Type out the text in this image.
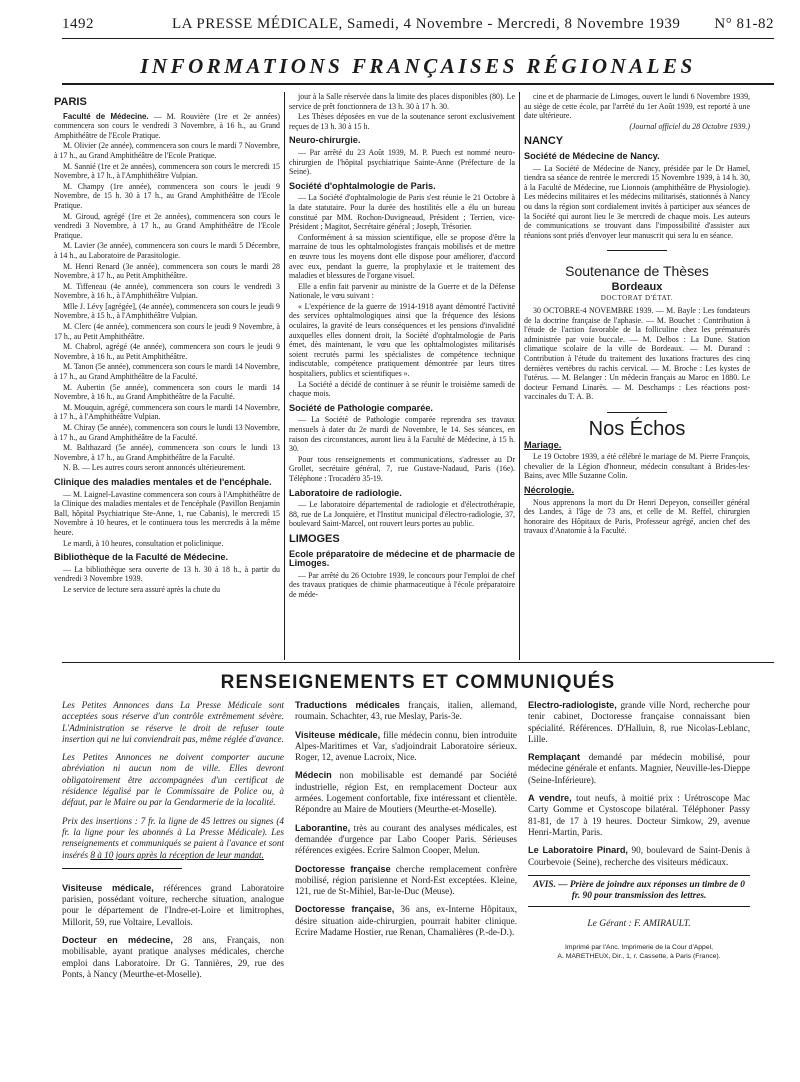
1492	LA PRESSE MÉDICALE, Samedi, 4 Novembre - Mercredi, 8 Novembre 1939 N° 81-82
INFORMATIONS FRANÇAISES RÉGIONALES
PARIS

Faculté de Médecine. — M. Rouvière (1re et 2e années) commencera son cours le vendredi 3 Novembre, à 16 h., au Grand Amphithéâtre de l'Ecole Pratique.

M. Olivier (2e année), commencera son cours le mardi 7 Novembre, à 17 h., au Grand Amphithéâtre de l'Ecole Pratique.

M. Sannié (1re et 2e années), commencera son cours le mercredi 15 Novembre, à 17 h., à l'Amphithéâtre Vulpian.

M. Champy (1re année), commencera son cours le jeudi 9 Novembre, de 15 h. 30 à 17 h., au Grand Amphithéâtre de l'Ecole Pratique.

M. Giroud, agrégé (1re et 2e années), commencera son cours le vendredi 3 Novembre, à 17 h., au Grand Amphithéâtre de l'Ecole Pratique.

M. Lavier (3e année), commencera son cours le mardi 5 Décembre, à 14 h., au Laboratoire de Parasitologie.

M. Henri Renard (3e année), commencera son cours le mardi 28 Novembre, à 17 h., au Petit Amphithéâtre.

M. Tiffeneau (4e année), commencera son cours le vendredi 3 Novembre, à 16 h., à l'Amphithéâtre Vulpian.

Mlle J. Lévy [agrégée], (4e année), commencera son cours le jeudi 9 Novembre, à 15 h., à l'Amphithéâtre Vulpian.

M. Clerc (4e année), commencera son cours le jeudi 9 Novembre, à 17 h., au Petit Amphithéâtre.

M. Chabrol, agrégé (4e année), commencera son cours le jeudi 9 Novembre, à 16 h., au Petit Amphithéâtre.

M. Tanon (5e année), commencera son cours le mardi 14 Novembre, à 17 h., au Grand Amphithéâtre de la Faculté.

M. Aubertin (5e année), commencera son cours le mardi 14 Novembre, à 16 h., au Grand Amphithéâtre de la Faculté.

M. Mouquin, agrégé, commencera son cours le mardi 14 Novembre, à 17 h., à l'Amphithéâtre Vulpian.

M. Chiray (5e année), commencera son cours le lundi 13 Novembre, à 17 h., au Grand Amphithéâtre de la Faculté.

M. Balthazard (5e année), commencera son cours le lundi 13 Novembre, à 17 h., au Grand Amphithéâtre de la Faculté.

N. B. — Les autres cours seront annoncés ultérieurement.

Clinique des maladies mentales et de l'encéphale.

— M. Laignel-Lavastine commencera son cours à l'Amphithéâtre de la Clinique des maladies mentales et de l'encéphale (Pavillon Benjamin Ball, hôpital Psychiatrique Ste-Anne, 1, rue Cabanis), le mercredi 15 Novembre à 10 heures, et le continuera tous les mercredis à la même heure.

Le mardi, à 10 heures, consultation et policlinique.

Bibliothèque de la Faculté de Médecine.

— La bibliothèque sera ouverte de 13 h. 30 à 18 h., à partir du vendredi 3 Novembre 1939.

Le service de lecture sera assuré après la chute du

jour à la Salle réservée dans la limite des places disponibles (80). Le service de prêt fonctionnera de 13 h. 30 à 17 h. 30.

Les Thèses déposées en vue de la soutenance seront exclusivement reçues de 13 h. 30 à 15 h.

Neuro-chirurgie.

— Par arrêté du 23 Août 1939, M. P. Puech est nommé neuro-chirurgien de l'hôpital psychiatrique Sainte-Anne (Préfecture de la Seine).

Société d'ophtalmologie de Paris.

— La Société d'ophtalmologie de Paris s'est réunie le 21 Octobre à la date statutaire. Pour la durée des hostilités elle a élu un bureau constitué par MM. Rochon-Duvigneaud, Président ; Terrien, vice-Président ; Magitot, Secrétaire général ; Joseph, Trésorier.

Conformément à sa mission scientifique, elle se propose d'être la marraine de tous les ophtalmologistes français mobilisés et de mettre en œuvre tous les moyens dont elle dispose pour améliorer, d'accord avec eux, pendant la guerre, la prophylaxie et le traitement des maladies et blessures de l'organe visuel.

Elle a enfin fait parvenir au ministre de la Guerre et de la Défense Nationale, le vœu suivant :

« L'expérience de la guerre de 1914-1918 ayant démontré l'activité des services ophtalmologiques ainsi que la fréquence des lésions oculaires, la gravité de leurs conséquences et les pensions d'invalidité auxquelles elles donnent droit, la Société d'ophtalmologie de Paris émet, dès maintenant, le vœu que les ophtalmologistes militarisés soient recrutés parmi les spécialistes de compétence technique indiscutable, compétence pratiquement démontrée par leurs titres hospitaliers, publics et scientifiques ».

La Société a décidé de continuer à se réunir le troisième samedi de chaque mois.

Société de Pathologie comparée.

— La Société de Pathologie comparée reprendra ses travaux mensuels à dater du 2e mardi de Novembre, le 14. Ses séances, en raison des circonstances, auront lieu à la Faculté de Médecine, à 15 h. 30.

Pour tous renseignements et communications, s'adresser au Dr Grollet, secrétaire général, 7, rue Gustave-Nadaud, Paris (16e). Téléphone : Trocadéro 35-19.

Laboratoire de radiologie.

— Le laboratoire départemental de radiologie et d'électrothérapie, 88, rue de La Jonquière, et l'Institut municipal d'électro-radiologie, 37, boulevard Saint-Marcel, ont rouvert leurs portes au public.

LIMOGES
Ecole préparatoire de médecine et de pharmacie de Limoges.

— Par arrêté du 26 Octobre 1939, le concours pour l'emploi de chef des travaux pratiques de chimie pharmaceutique à l'école préparatoire de méde-

cine et de pharmacie de Limoges, ouvert le lundi 6 Novembre 1939, au siège de cette école, par l'arrêté du 1er Août 1939, est reporté à une date ultérieure.

(Journal officiel du 28 Octobre 1939.)

NANCY
Société de Médecine de Nancy.

— La Société de Médecine de Nancy, présidée par le Dr Hamel, tiendra sa séance de rentrée le mercredi 15 Novembre 1939, à 14 h. 30, à la Faculté de Médecine, rue Lionnois (amphithéâtre de Physiologie). Les médecins militaires et les médecins militarisés, stationnés à Nancy ou dans la région sont cordialement invités à participer aux séances de la Société qui auront lieu le 3e mercredi de chaque mois. Les auteurs de communications se trouvant dans l'impossibilité d'assister aux réunions sont priés d'envoyer leur manuscrit qui sera lu en séance.

Soutenance de Thèses
Bordeaux
DOCTORAT D'ÉTAT.

30 OCTOBRE-4 NOVEMBRE 1939. — M. Bayle : Les fondateurs de la doctrine française de l'aphasie. — M. Bouchet : Contribution à l'étude de l'action favorable de la folliculine chez les prématurés administrée par voie buccale. — M. Delbos : La Dune. Station climatique scolaire de la ville de Bordeaux. — M. Durand : Contribution à l'étude du traitement des luxations fractures des cinq dernières vertèbres du rachis cervical. — M. Broche : Les kystes de l'utérus. — M. Belanger : Un médecin français au Maroc en 1880. Le docteur Fernand Linarès. — M. Deschamps : Les réactions post-vaccinales du T. A. B.

Nos Échos
Mariage.

Le 19 Octobre 1939, a été célébré le mariage de M. Pierre François, chevalier de la Légion d'honneur, médecin consultant à Brides-les-Bains, avec Mlle Suzanne Colin.

Nécrologie.

Nous apprenons la mort du Dr Henri Depeyon, conseiller général des Landes, à l'âge de 73 ans, et celle de M. Reffel, chirurgien honoraire des Hôpitaux de Paris, Professeur agrégé, ancien chef des travaux d'Anatomie à la Faculté.

RENSEIGNEMENTS ET COMMUNIQUÉS

Les Petites Annonces dans La Presse Médicale sont acceptées sous réserve d'un contrôle extrêmement sévère. L'Administration se réserve le droit de refuser toute insertion qui ne lui conviendrait pas, même réglée d'avance.

Les Petites Annonces ne doivent comporter aucune abréviation ni aucun nom de ville. Elles devront obligatoirement être accompagnées d'un certificat de résidence légalisé par le Commissaire de Police ou, à défaut, par le Maire ou par la Gendarmerie de la localité.

Prix des insertions : 7 fr. la ligne de 45 lettres ou signes (4 fr. la ligne pour les abonnés à La Presse Médicale). Les renseignements et communiqués se paient à l'avance et sont insérés 8 à 10 jours après la réception de leur mandat.

Visiteuse médicale, références grand Laboratoire parisien, possédant voiture, recherche situation, analogue pour le département de l'Indre-et-Loire et limitrophes, Millorit, 59, rue Voltaire, Levallois.

Docteur en médecine, 28 ans, Français, non mobilisable, ayant pratique analyses médicales, cherche emploi dans Laboratoire. Dr G. Tannières, 29, rue des Ponts, à Nancy (Meurthe-et-Moselle).

Traductions médicales français, italien, allemand, roumain. Schachter, 43, rue Meslay, Paris-3e.

Visiteuse médicale, fille médecin connu, bien introduite Alpes-Maritimes et Var, s'adjoindrait Laboratoire sérieux. Roger, 12, avenue Lacroix, Nice.

Médecin non mobilisable est demandé par Société industrielle, région Est, en remplacement Docteur aux armées. Logement confortable, fixe intéressant et clientèle. Répondre au Maire de Moutiers (Meurthe-et-Moselle).

Laborantine, très au courant des analyses médicales, est demandée d'urgence par Labo Cooper Paris. Sérieuses références exigées. Ecrire Salmon Cooper, Melun.

Doctoresse française cherche remplacement confrère mobilisé, région parisienne et Nord-Est exceptées. Kleine, 121, rue de St-Mihiel, Bar-le-Duc (Meuse).

Doctoresse française, 36 ans, ex-Interne Hôpitaux, désire situation aide-chirurgien, pourrait habiter clinique. Ecrire Madame Hostier, rue Renan, Chamalières (P.-de-D.).

Electro-radiologiste, grande ville Nord, recherche pour tenir cabinet, Doctoresse française connaissant bien spécialité. Références. D'Halluin, 8, rue Nicolas-Leblanc, Lille.

Remplaçant demandé par médecin mobilisé, pour médecine générale et enfants. Magnier, Neuville-les-Dieppe (Seine-Inférieure).

A vendre, tout neufs, à moitié prix : Urétroscope Mac Carty Gomme et Cystoscope bilatéral. Téléphoner Passy 81-81, de 17 à 19 heures. Docteur Simkow, 29, avenue Henri-Martin, Paris.

Le Laboratoire Pinard, 90, boulevard de Saint-Denis à Courbevoie (Seine), recherche des visiteurs médicaux.

AVIS. — Prière de joindre aux réponses un timbre de 0 fr. 90 pour transmission des lettres.
Le Gérant : F. AMIRAULT.
Imprimé par l'Anc. Imprimerie de la Cour d'Appel,
A. MARETHEUX, Dir., 1, r. Cassette, à Paris (France).
